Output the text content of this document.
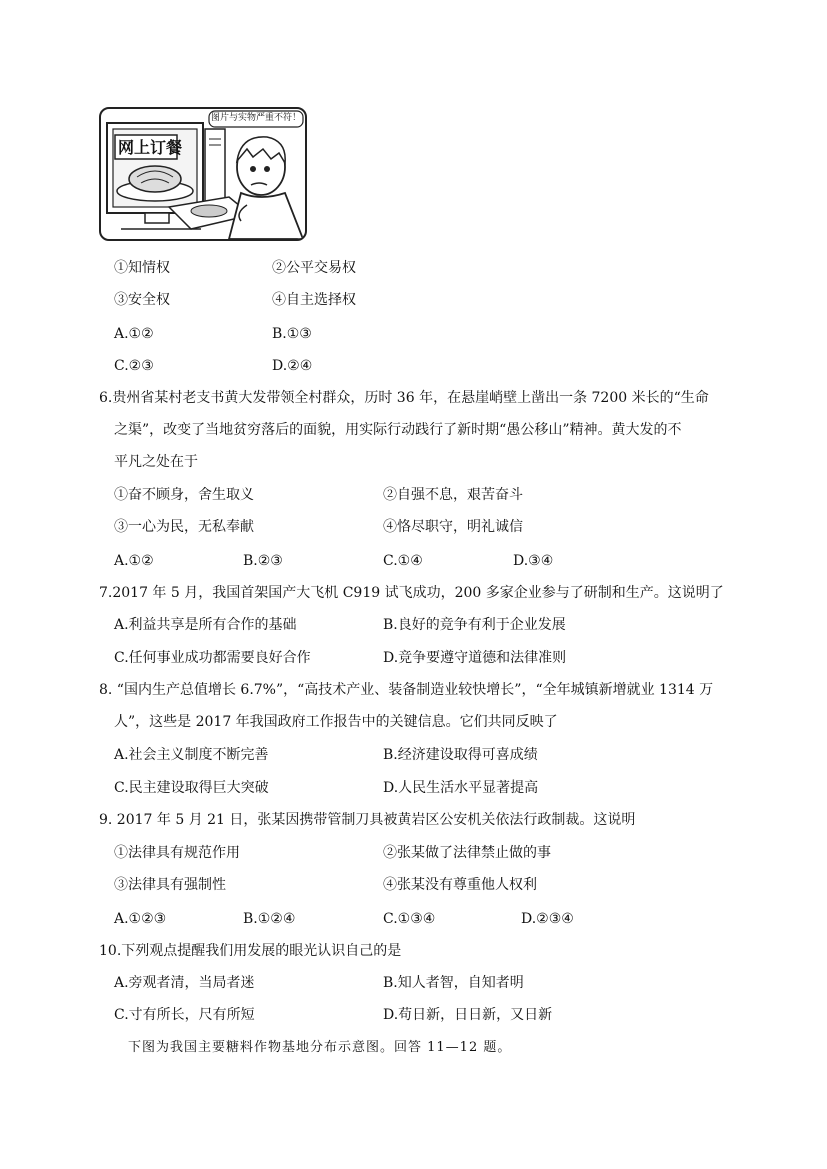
图片与实物严重不符！
网上订餐
①知情权	②公平交易权
③安全权	④自主选择权
A.①②	B.①③
C.②③	D.②④
6.贵州省某村老支书黄大发带领全村群众，历时 36 年，在悬崖峭壁上凿出一条 7200 米长的“生命
之渠”，改变了当地贫穷落后的面貌，用实际行动践行了新时期“愚公移山”精神。黄大发的不
平凡之处在于
①奋不顾身，舍生取义	②自强不息，艰苦奋斗
③一心为民，无私奉献	④恪尽职守，明礼诚信
A.①②	B.②③	C.①④	D.③④
7.2017 年 5 月，我国首架国产大飞机 C919 试飞成功，200 多家企业参与了研制和生产。这说明了
A.利益共享是所有合作的基础	B.良好的竞争有利于企业发展
C.任何事业成功都需要良好合作	D.竞争要遵守道德和法律准则
8. “国内生产总值增长 6.7%”，“高技术产业、装备制造业较快增长”，“全年城镇新增就业 1314 万
人”，这些是 2017 年我国政府工作报告中的关键信息。它们共同反映了
A.社会主义制度不断完善	B.经济建设取得可喜成绩
C.民主建设取得巨大突破	D.人民生活水平显著提高
9. 2017 年 5 月 21 日，张某因携带管制刀具被黄岩区公安机关依法行政制裁。这说明
①法律具有规范作用	②张某做了法律禁止做的事
③法律具有强制性	④张某没有尊重他人权利
A.①②③	B.①②④	C.①③④	D.②③④
10.下列观点提醒我们用发展的眼光认识自己的是
A.旁观者清，当局者迷	B.知人者智，自知者明
C.寸有所长，尺有所短	D.苟日新，日日新，又日新
下图为我国主要糖料作物基地分布示意图。回答 11—12 题。
